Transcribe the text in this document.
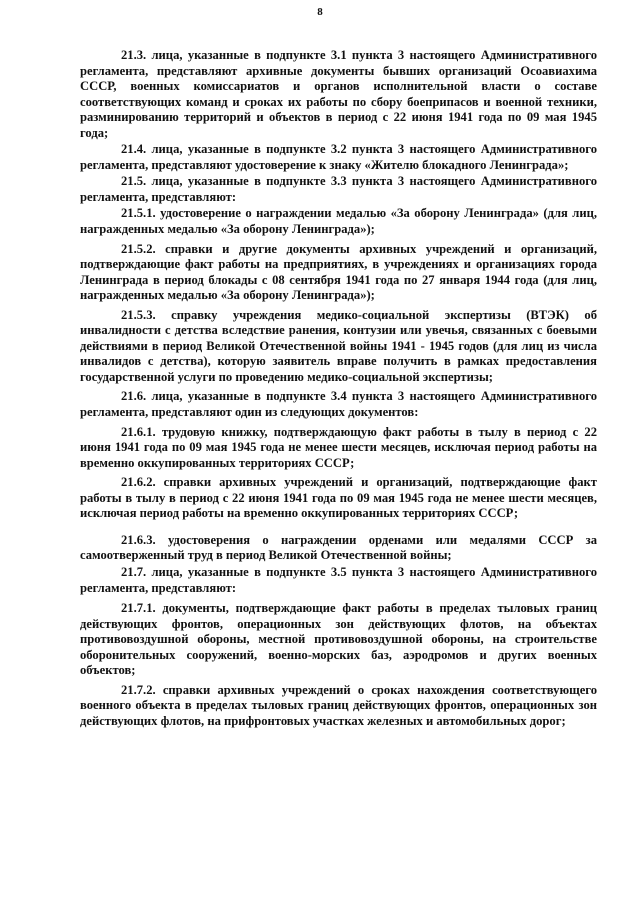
8

21.3. лица, указанные в подпункте 3.1 пункта 3 настоящего Административного регламента, представляют архивные документы бывших организаций Осоавиахима СССР, военных комиссариатов и органов исполнительной власти о составе соответствующих команд и сроках их работы по сбору боеприпасов и военной техники, разминированию территорий и объектов в период с 22 июня 1941 года по 09 мая 1945 года;

21.4. лица, указанные в подпункте 3.2 пункта 3 настоящего Административного регламента, представляют удостоверение к знаку «Жителю блокадного Ленинграда»;

21.5. лица, указанные в подпункте 3.3 пункта 3 настоящего Административного регламента, представляют:

21.5.1. удостоверение о награждении медалью «За оборону Ленинграда» (для лиц, награжденных медалью «За оборону Ленинграда»);

21.5.2. справки и другие документы архивных учреждений и организаций, подтверждающие факт работы на предприятиях, в учреждениях и организациях города Ленинграда в период блокады с 08 сентября 1941 года по 27 января 1944 года (для лиц, награжденных медалью «За оборону Ленинграда»);

21.5.3. справку учреждения медико-социальной экспертизы (ВТЭК) об инвалидности с детства вследствие ранения, контузии или увечья, связанных с боевыми действиями в период Великой Отечественной войны 1941 - 1945 годов (для лиц из числа инвалидов с детства), которую заявитель вправе получить в рамках предоставления государственной услуги по проведению медико-социальной экспертизы;

21.6. лица, указанные в подпункте 3.4 пункта 3 настоящего Административного регламента, представляют один из следующих документов:

21.6.1. трудовую книжку, подтверждающую факт работы в тылу в период с 22 июня 1941 года по 09 мая 1945 года не менее шести месяцев, исключая период работы на временно оккупированных территориях СССР;

21.6.2. справки архивных учреждений и организаций, подтверждающие факт работы в тылу в период с 22 июня 1941 года по 09 мая 1945 года не менее шести месяцев, исключая период работы на временно оккупированных территориях СССР;

21.6.3. удостоверения о награждении орденами или медалями СССР за самоотверженный труд в период Великой Отечественной войны;

21.7. лица, указанные в подпункте 3.5 пункта 3 настоящего Административного регламента, представляют:

21.7.1. документы, подтверждающие факт работы в пределах тыловых границ действующих фронтов, операционных зон действующих флотов, на объектах противовоздушной обороны, местной противовоздушной обороны, на строительстве оборонительных сооружений, военно-морских баз, аэродромов и других военных объектов;

21.7.2. справки архивных учреждений о сроках нахождения соответствующего военного объекта в пределах тыловых границ действующих фронтов, операционных зон действующих флотов, на прифронтовых участках железных и автомобильных дорог;
